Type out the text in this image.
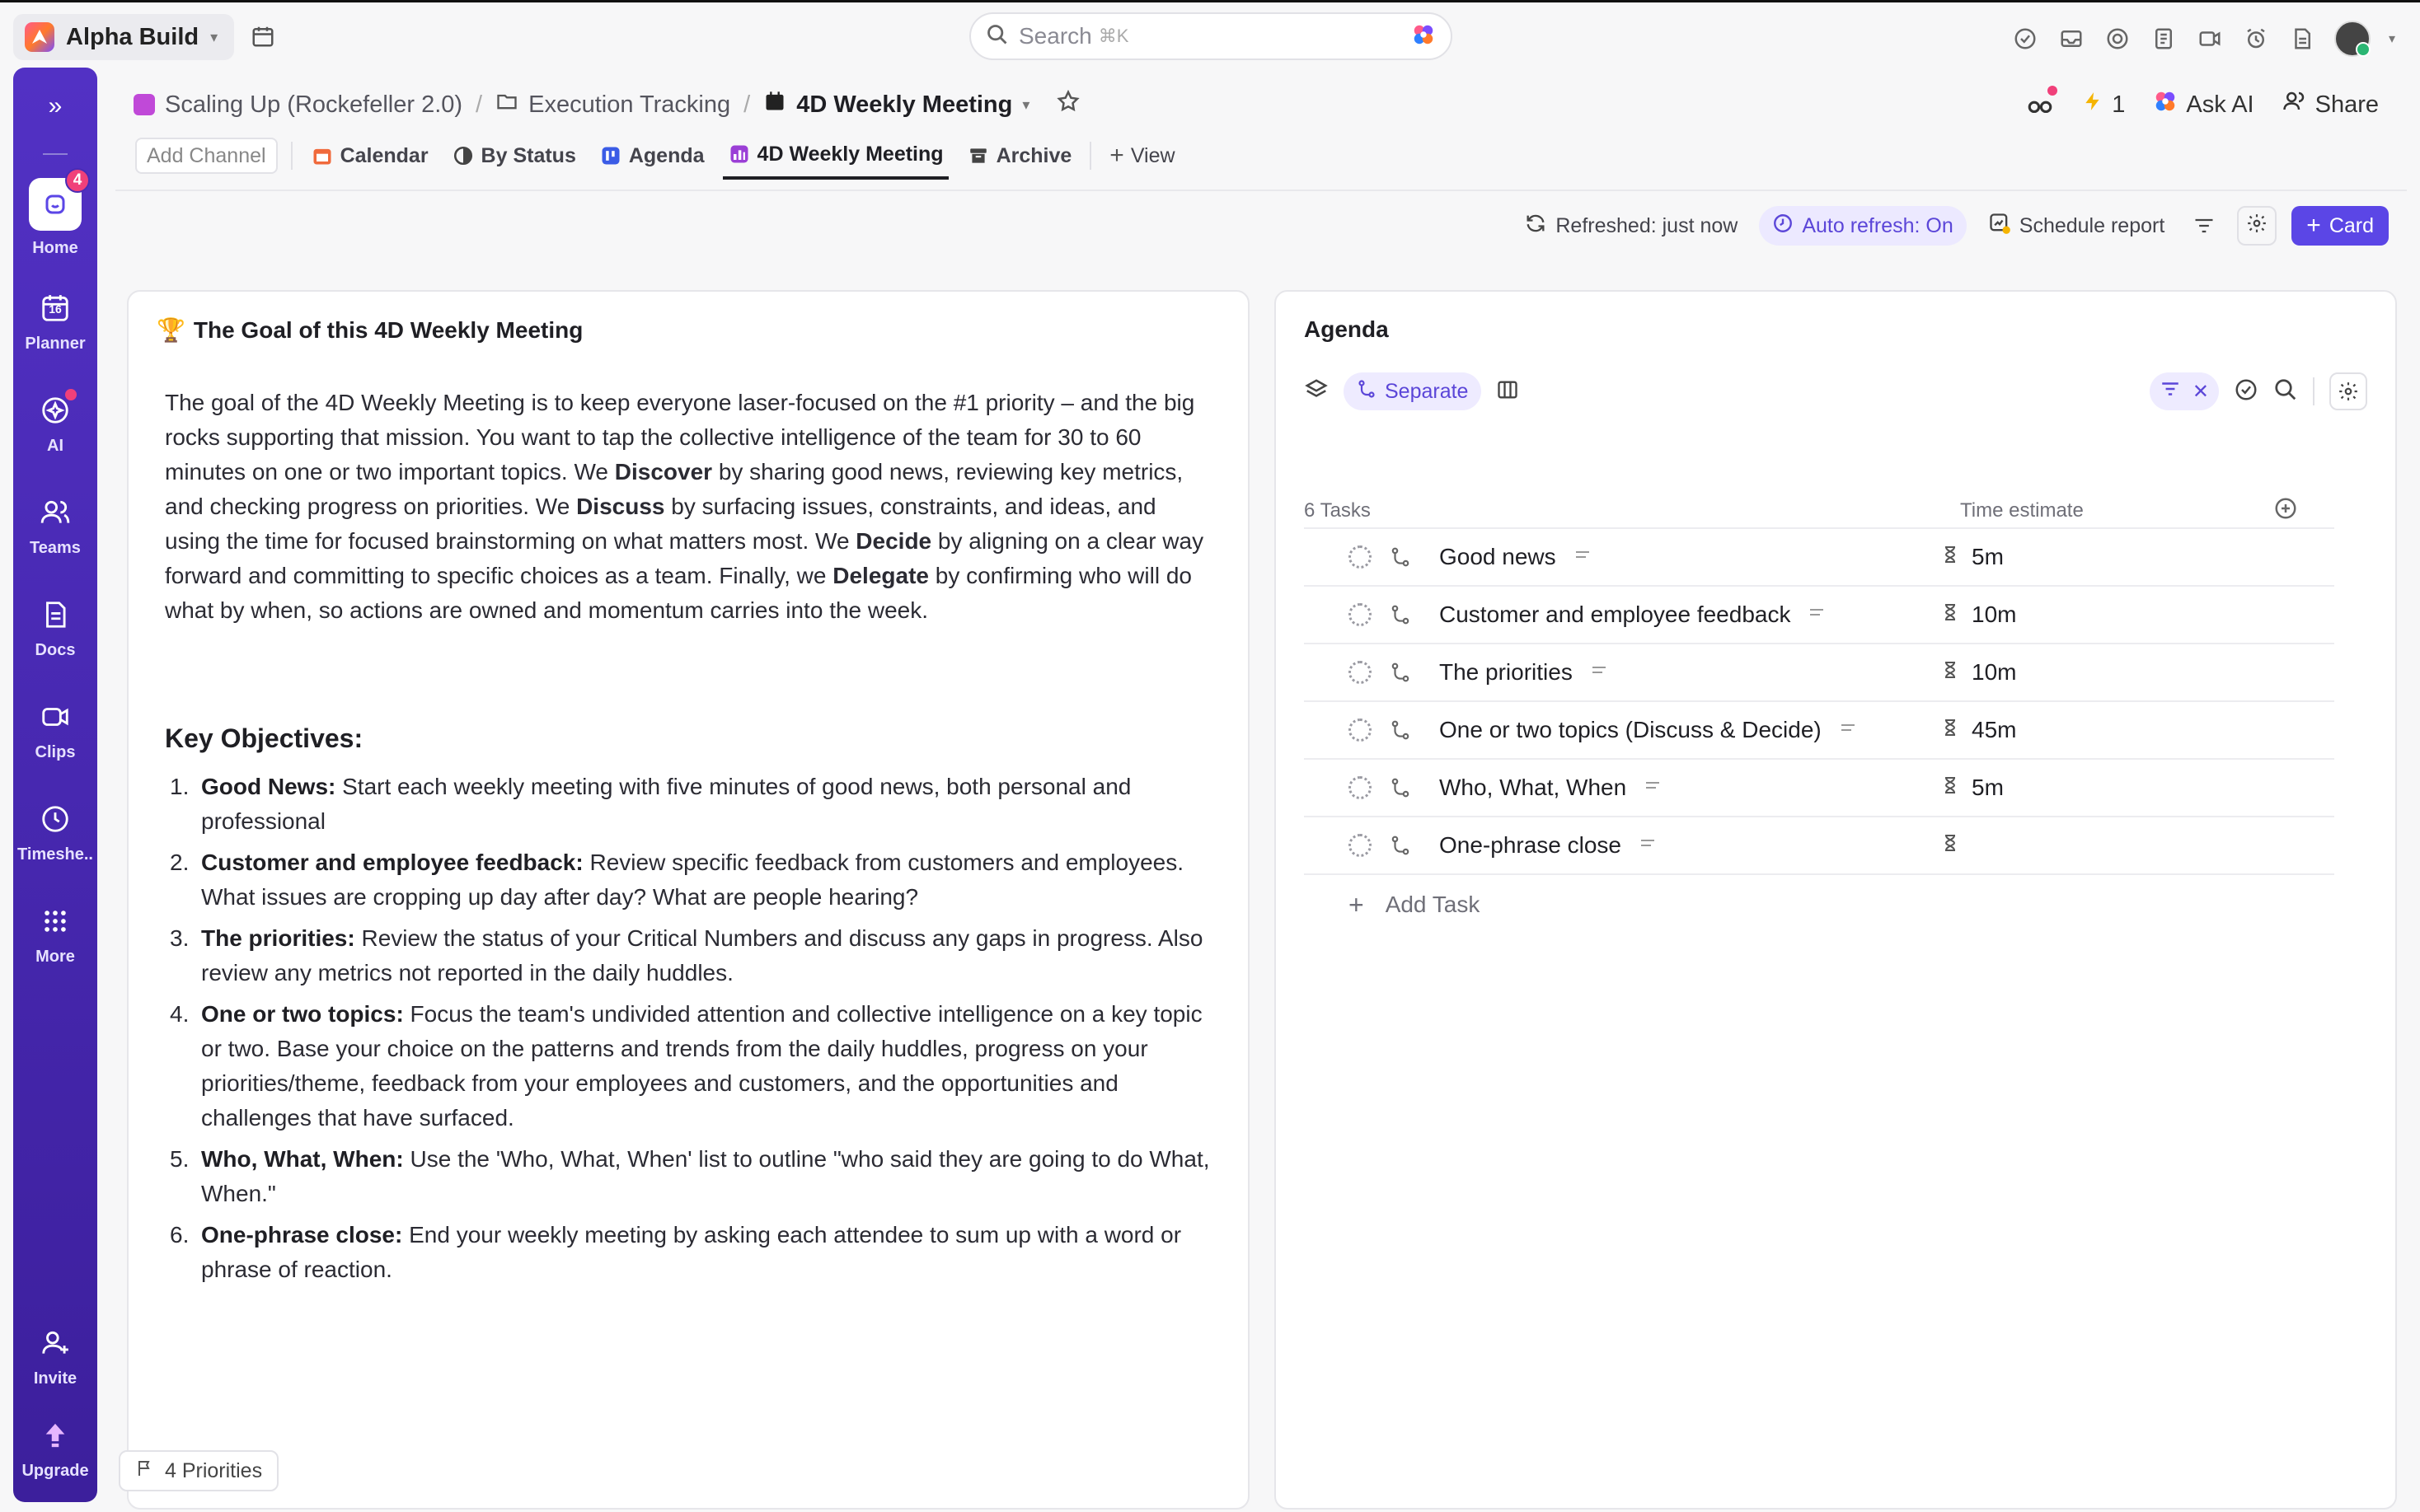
Alpha Build ▾	Search ⌘K	▾
»
4
Home
16
Planner
AI
Teams
Docs
Clips
Timeshe..
More
Invite
Upgrade
Scaling Up (Rockefeller 2.0) / Execution Tracking / 4D Weekly Meeting ▾	1	Ask AI	Share
Add Channel	Calendar	By Status	Agenda	4D Weekly Meeting	Archive + View
Refreshed: just now	Auto refresh: On	Schedule report	+ Card
🏆 The Goal of this 4D Weekly Meeting
The goal of the 4D Weekly Meeting is to keep everyone laser-focused on the #1 priority – and the big rocks supporting that mission. You want to tap the collective intelligence of the team for 30 to 60 minutes on one or two important topics. We Discover by sharing good news, reviewing key metrics, and checking progress on priorities. We Discuss by surfacing issues, constraints, and ideas, and using the time for focused brainstorming on what matters most. We Decide by aligning on a clear way forward and committing to specific choices as a team. Finally, we Delegate by confirming who will do what by when, so actions are owned and momentum carries into the week.
Key Objectives:
1. Good News: Start each weekly meeting with five minutes of good news, both personal and professional
2. Customer and employee feedback: Review specific feedback from customers and employees. What issues are cropping up day after day? What are people hearing?
3. The priorities: Review the status of your Critical Numbers and discuss any gaps in progress. Also review any metrics not reported in the daily huddles.
4. One or two topics: Focus the team's undivided attention and collective intelligence on a key topic or two. Base your choice on the patterns and trends from the daily huddles, progress on your priorities/theme, feedback from your employees and customers, and the opportunities and challenges that have surfaced.
5. Who, What, When: Use the 'Who, What, When' list to outline "who said they are going to do What, When."
6. One-phrase close: End your weekly meeting by asking each attendee to sum up with a word or phrase of reaction.
Agenda
Separate	✕
6 Tasks	Time estimate
Good news	5m
Customer and employee feedback	10m
The priorities	10m
One or two topics (Discuss & Decide)	45m
Who, What, When	5m
One-phrase close
+ Add Task
4 Priorities
